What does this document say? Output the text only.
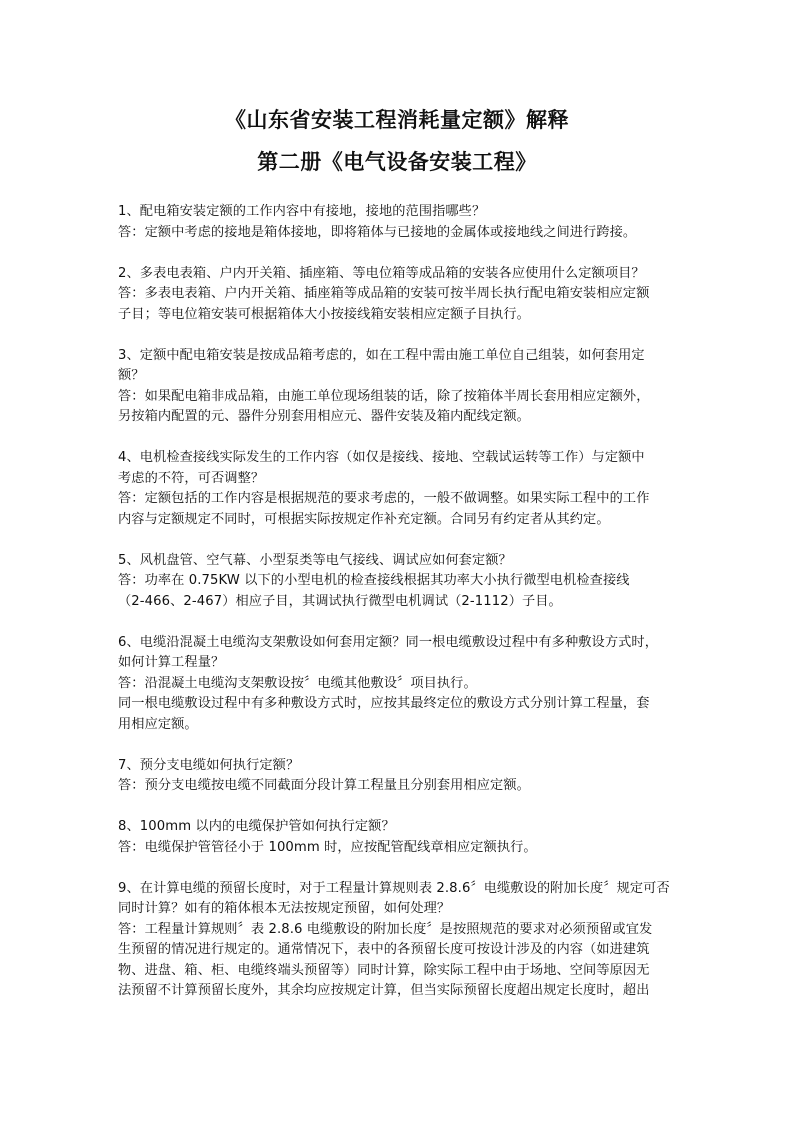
《山东省安装工程消耗量定额》解释
第二册《电气设备安装工程》
1、配电箱安装定额的工作内容中有接地，接地的范围指哪些？
答：定额中考虑的接地是箱体接地，即将箱体与已接地的金属体或接地线之间进行跨接。
2、多表电表箱、户内开关箱、插座箱、等电位箱等成品箱的安装各应使用什么定额项目？
答：多表电表箱、户内开关箱、插座箱等成品箱的安装可按半周长执行配电箱安装相应定额
子目；等电位箱安装可根据箱体大小按接线箱安装相应定额子目执行。
3、定额中配电箱安装是按成品箱考虑的，如在工程中需由施工单位自己组装，如何套用定
额？
答：如果配电箱非成品箱，由施工单位现场组装的话，除了按箱体半周长套用相应定额外，
另按箱内配置的元、器件分别套用相应元、器件安装及箱内配线定额。
4、电机检查接线实际发生的工作内容（如仅是接线、接地、空载试运转等工作）与定额中
考虑的不符，可否调整？
答：定额包括的工作内容是根据规范的要求考虑的，一般不做调整。如果实际工程中的工作
内容与定额规定不同时，可根据实际按规定作补充定额。合同另有约定者从其约定。
5、风机盘管、空气幕、小型泵类等电气接线、调试应如何套定额？
答：功率在 0.75KW 以下的小型电机的检查接线根据其功率大小执行微型电机检查接线
（2-466、2-467）相应子目，其调试执行微型电机调试（2-1112）子目。
6、电缆沿混凝土电缆沟支架敷设如何套用定额？同一根电缆敷设过程中有多种敷设方式时，
如何计算工程量？
答：沿混凝土电缆沟支架敷设按〞电缆其他敷设〞项目执行。
同一根电缆敷设过程中有多种敷设方式时，应按其最终定位的敷设方式分别计算工程量，套
用相应定额。
7、预分支电缆如何执行定额？
答：预分支电缆按电缆不同截面分段计算工程量且分别套用相应定额。
8、100mm 以内的电缆保护管如何执行定额？
答：电缆保护管管径小于 100mm 时，应按配管配线章相应定额执行。
9、在计算电缆的预留长度时，对于工程量计算规则表 2.8.6〞电缆敷设的附加长度〞规定可否
同时计算？如有的箱体根本无法按规定预留，如何处理？
答：工程量计算规则〞表 2.8.6 电缆敷设的附加长度〞是按照规范的要求对必须预留或宜发
生预留的情况进行规定的。通常情况下，表中的各预留长度可按设计涉及的内容（如进建筑
物、进盘、箱、柜、电缆终端头预留等）同时计算，除实际工程中由于场地、空间等原因无
法预留不计算预留长度外，其余均应按规定计算，但当实际预留长度超出规定长度时，超出
